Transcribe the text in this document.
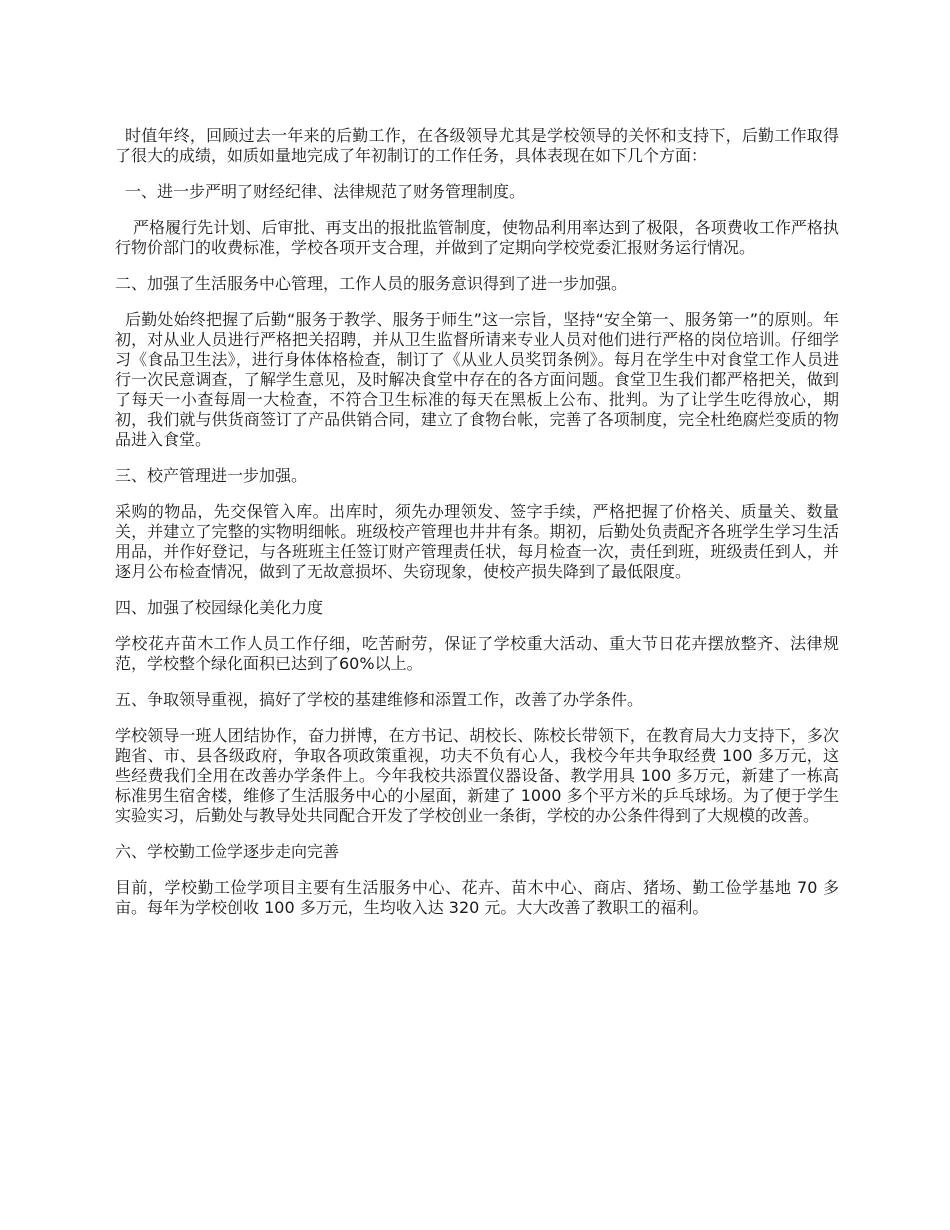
时值年终，回顾过去一年来的后勤工作，在各级领导尤其是学校领导的关怀和支持下，后勤工作取得了很大的成绩，如质如量地完成了年初制订的工作任务，具体表现在如下几个方面：

一、进一步严明了财经纪律、法律规范了财务管理制度。

严格履行先计划、后审批、再支出的报批监管制度，使物品利用率达到了极限，各项费收工作严格执行物价部门的收费标准，学校各项开支合理，并做到了定期向学校党委汇报财务运行情况。

二、加强了生活服务中心管理，工作人员的服务意识得到了进一步加强。

后勤处始终把握了后勤“服务于教学、服务于师生”这一宗旨，坚持“安全第一、服务第一”的原则。年初，对从业人员进行严格把关招聘，并从卫生监督所请来专业人员对他们进行严格的岗位培训。仔细学习《食品卫生法》，进行身体体格检查，制订了《从业人员奖罚条例》。每月在学生中对食堂工作人员进行一次民意调查，了解学生意见，及时解决食堂中存在的各方面问题。食堂卫生我们都严格把关，做到了每天一小查每周一大检查，不符合卫生标准的每天在黑板上公布、批判。为了让学生吃得放心，期初，我们就与供货商签订了产品供销合同，建立了食物台帐，完善了各项制度，完全杜绝腐烂变质的物品进入食堂。

三、校产管理进一步加强。

采购的物品，先交保管入库。出库时，须先办理领发、签字手续，严格把握了价格关、质量关、数量关，并建立了完整的实物明细帐。班级校产管理也井井有条。期初，后勤处负责配齐各班学生学习生活用品，并作好登记，与各班班主任签订财产管理责任状，每月检查一次，责任到班，班级责任到人，并逐月公布检查情况，做到了无故意损坏、失窃现象，使校产损失降到了最低限度。

四、加强了校园绿化美化力度

学校花卉苗木工作人员工作仔细，吃苦耐劳，保证了学校重大活动、重大节日花卉摆放整齐、法律规范，学校整个绿化面积已达到了60%以上。

五、争取领导重视，搞好了学校的基建维修和添置工作，改善了办学条件。

学校领导一班人团结协作，奋力拼博，在方书记、胡校长、陈校长带领下，在教育局大力支持下，多次跑省、市、县各级政府，争取各项政策重视，功夫不负有心人，我校今年共争取经费 100 多万元，这些经费我们全用在改善办学条件上。今年我校共添置仪器设备、教学用具 100 多万元，新建了一栋高标准男生宿舍楼，维修了生活服务中心的小屋面，新建了 1000 多个平方米的乒乓球场。为了便于学生实验实习，后勤处与教导处共同配合开发了学校创业一条街，学校的办公条件得到了大规模的改善。

六、学校勤工俭学逐步走向完善

目前，学校勤工俭学项目主要有生活服务中心、花卉、苗木中心、商店、猪场、勤工俭学基地 70 多亩。每年为学校创收 100 多万元，生均收入达 320 元。大大改善了教职工的福利。
